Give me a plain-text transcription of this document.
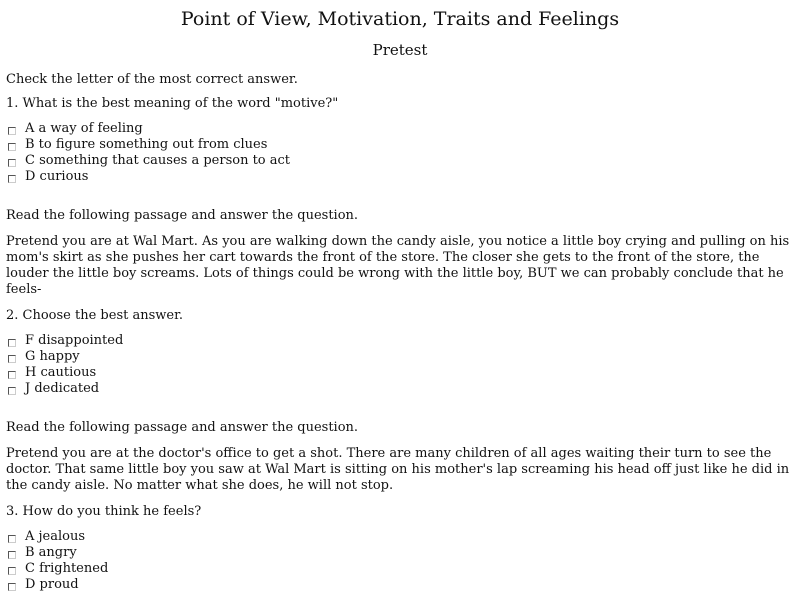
Point of View, Motivation, Traits and Feelings
Pretest
Check the letter of the most correct answer.
1. What is the best meaning of the word "motive?"
A a way of feeling
B to figure something out from clues
C something that causes a person to act
D curious
Read the following passage and answer the question.
Pretend you are at Wal Mart. As you are walking down the candy aisle, you notice a little boy crying and pulling on his mom's skirt as she pushes her cart towards the front of the store. The closer she gets to the front of the store, the louder the little boy screams. Lots of things could be wrong with the little boy, BUT we can probably conclude that he feels-
2. Choose the best answer.
F disappointed
G happy
H cautious
J dedicated
Read the following passage and answer the question.
Pretend you are at the doctor's office to get a shot. There are many children of all ages waiting their turn to see the doctor. That same little boy you saw at Wal Mart is sitting on his mother's lap screaming his head off just like he did in the candy aisle. No matter what she does, he will not stop.
3. How do you think he feels?
A jealous
B angry
C frightened
D proud
